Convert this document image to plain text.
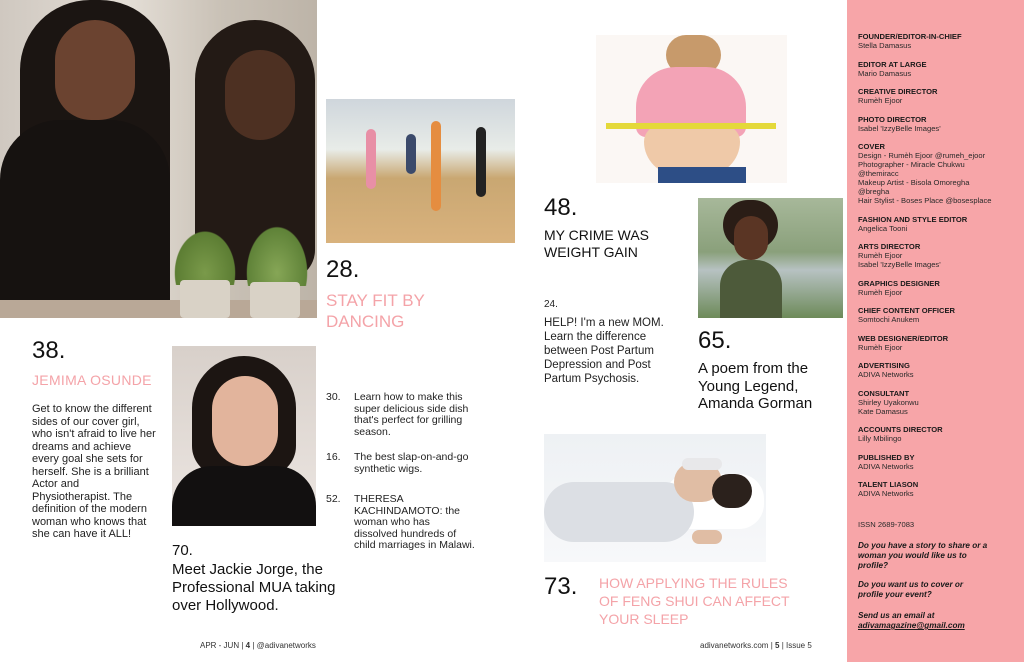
38.
JEMIMA OSUNDE
Get to know the different sides of our cover girl, who isn't afraid to live her dreams and achieve every goal she sets for herself. She is a brilliant Actor and Physiotherapist. The definition of the modern woman who knows that she can have it ALL!
28.
STAY FIT BY
DANCING
30.	Learn how to make this super delicious side dish that's perfect for grilling season.
16.	The best slap-on-and-go synthetic wigs.
52.	THERESA KACHINDAMOTO: the woman who has dissolved hundreds of child marriages in Malawi.
70.
Meet Jackie Jorge, the Professional MUA taking over Hollywood.
APR - JUN | 4 | @adivanetworks
48.
MY CRIME WAS WEIGHT GAIN
24.
HELP! I'm a new MOM. Learn the difference between Post Partum Depression and Post Partum Psychosis.
65.
A poem from the Young Legend, Amanda Gorman
73. HOW APPLYING THE RULES
OF FENG SHUI CAN AFFECT
YOUR SLEEP
adivanetworks.com | 5 | Issue 5
FOUNDER/EDITOR-IN-CHIEF
Stella Damasus
EDITOR AT LARGE
Mario Damasus
CREATIVE DIRECTOR
Rumèh Ejoor
PHOTO DIRECTOR
Isabel 'IzzyBelle Images'
COVER
Design - Rumèh Ejoor @rumeh_ejoor
Photographer - Miracle Chukwu
@themiracc
Makeup Artist - Bisola Omoregha
@bregha
Hair Stylist - Boses Place @bosesplace
FASHION AND STYLE EDITOR
Angelica Tooni
ARTS DIRECTOR
Rumèh Ejoor
Isabel 'IzzyBelle Images'
GRAPHICS DESIGNER
Rumèh Ejoor
CHIEF CONTENT OFFICER
Somtochi Anukem
WEB DESIGNER/EDITOR
Rumèh Ejoor
ADVERTISING
ADIVA Networks
CONSULTANT
Shirley Uyakonwu
Kate Damasus
ACCOUNTS DIRECTOR
Lilly Mbilingo
PUBLISHED BY
ADIVA Networks
TALENT LIASON
ADIVA Networks
ISSN 2689-7083
Do you have a story to share or a woman you would like us to profile?
Do you want us to cover or profile your event?
Send us an email at
adivamagazine@gmail.com
